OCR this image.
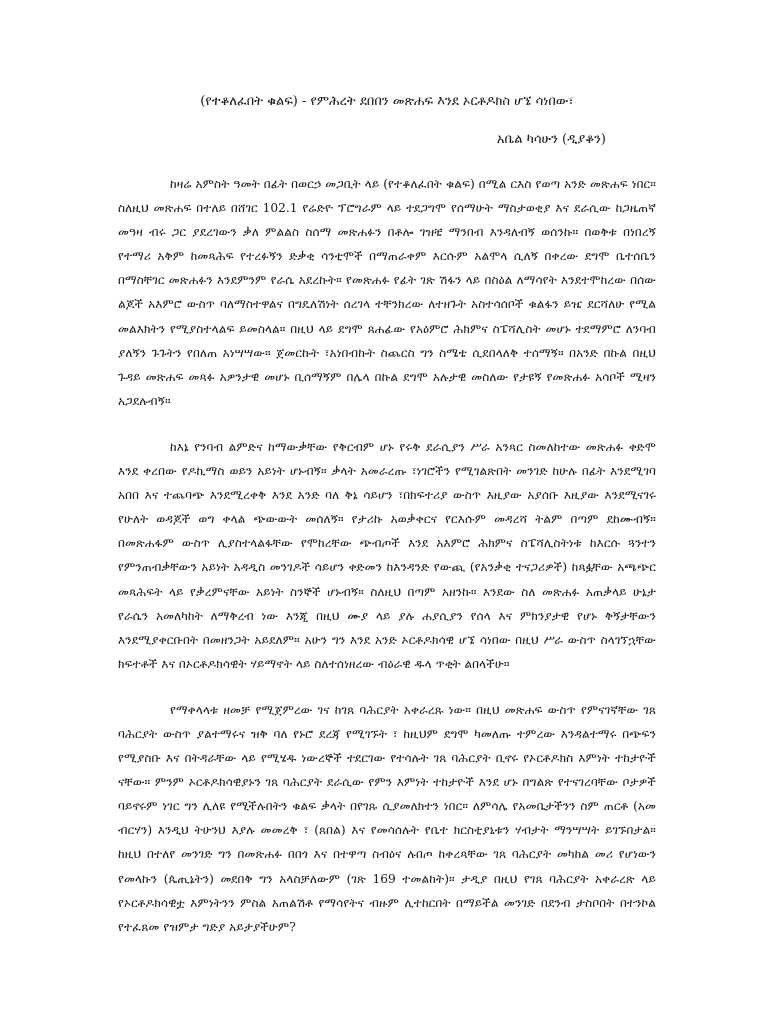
(የተቆለፈበት ቁልፍ) - የምሕረት ደበበን መጽሐፍ እንደ ኦርቶዶክስ ሆኜ ሳነበው፣

አቤል ካሳሁን (ዲያቆን)

ከዛሬ አምስት ዓመት በፊት በወርኃ መጋቢት ላይ (የተቆለፈበት ቁልፍ) በሚል ርእስ የወጣ አንድ መጽሐፍ ነበር። ስለዚህ መጽሐፍ በተለይ በሸገር 102.1 የሬድዮ ፕሮግራም ላይ ተደጋግሞ የሰማሁት ማስታወቂያ እና ደራሲው ከጋዜጠኛ መዓዛ ብሩ ጋር ያደረገውን ቃለ ምልልስ ስሰማ መጽሐፉን በቶሎ ገዝቼ ማንበብ እንዳለብኝ ወሰንኩ። በወቅቱ በነበረኝ የተማሪ አቅም ከመጻሕፍ የተረፉኝን ድቃቂ ሳንቲሞች በማጠራቀም እርሱም አልሞላ ሲለኝ በቀረው ደግሞ ቤተሰቤን በማስቸገር መጽሐፉን እንደምንም የራሴ አደረኩት። የመጽሐፉ የፊት ገጽ ሽፋን ላይ በስዕል ለማሳየት እንደተሞከረው በሰው ልጆች አእምሮ ውስጥ ባለማስተዋልና በግዴለሽነት ሰረገላ ተቸንክረው ለተዘጉት አስተሳሰቦች ቁልፋን ይዤ ደርሻለሁ የሚል መልእክትን የሚያስተላልፍ ይመስላል። በዚህ ላይ ደግሞ ጸሐፊው የአዕምሮ ሕክምና ስፔሻሊስት መሆኑ ተደማምሮ ለንባብ ያለኝን ጉጉትን የበለጠ አነሣሣው። ጀመርኩት ፣አነበብኩት ስጨርስ ግን ስሜቴ ሲደበላለቅ ተሰማኝ። በአንድ በኩል በዚህ ጉዳይ መጽሐፍ መጻፉ አዎንታዊ መሆኑ ቢሰማኝም በሌላ በኩል ደግሞ አሉታዊ መስለው የታዩኝ የመጽሐፉ አሳቦች ሚዛን አጋደሉብኝ።

ከእኔ የንባብ ልምድና ከማውቃቸው የቅርብም ሆኑ የሩቅ ደራሲያን ሥራ አንጻር ስመለከተው መጽሐፉ ቀድሞ እንደ ቀረበው የዶኪማስ ወይን አይነት ሆኑብኝ። ቃላት አመራረጡ ፣ነገሮችን የሚገልጽበት መንገድ ከሁሉ በፊት እንደሚገባ አበበ እና ተጨባጭ እንደሚረቀቅ እንደ አንድ ባለ ቅኔ ሳይሆን ፣በክፍተሪያ ውስጥ እዚያው አያሰቡ እዚያው እንደሚናገሩ የሁለት ወዳጆች ወግ ቀላል ጭውውት መሰለኝ። የታሪኩ አወቃቀርና የርእሱም መዳረሻ ትልም በጣም ደከሙብኝ። በመጽሐፋም ውስጥ ሊያስተላልፋቸው የሞከረቸው ጭብጦች እንደ አእምሮ ሕክምና ስፔሻሊስትነቱ ከእርሱ ጓንተን የምንጠብቃቸውን አይነት አዳዲስ መንገዶች ሳይሆን ቀድመን ከእንዳንድ የውጪ (የአንቃቂ ተናጋሪዎች) ከጻፏቸው አጫጭር መጻሕፍት ላይ የቃረምናቸው አይነት ስንኞች ሆኑብኝ። ስለዚህ በጣም አዘንኩ። እንደው ስለ መጽሐፉ አጠቃላይ ሁኔታ የራሴን አመለካከት ለማቅረብ ነው እንጂ በዚህ ሙያ ላይ ያሉ ሐያሲያን የሰላ እና ምክንያታዊ የሆኑ ቅኝታቸውን እንደሚያቀርቡበት በመዘንጋት አይደለም። አሁን ግን እንደ አንድ ኦርቶዶክሳዊ ሆኜ ሳነበው በዚህ ሥራ ውስጥ ስላገኘኋቸው ክፍተቶች እና በኦርቶዶክሳዊት ሃይማኖት ላይ ስለተሰነዘረው ብዕራዊ ዱላ ጥቂት ልበላችሁ።

የማቀላላቱ ዘመቻ የሚጀምረው ገና ከገጸ ባሕርያት አቀራረጹ ነው። በዚህ መጽሐፍ ውስጥ የምናገኛቸው ገጸ ባሕርያት ውስጥ ያልተማሩና ዝቅ ባለ የኑሮ ደረጃ የሚገኙት ፣ ከዚህም ደግሞ ካመለጡ ተምረው እንዳልተማሩ በጭፍን የሚያስቡ እና በትዳራቸው ላይ የሚሄዱ ነውረኞች ተደርገው የተሳሉት ገጸ ባሕርያት ቢኖሩ የኦርቶዶክስ እምነት ተከታዮች ናቸው። ምንም ኦርቶዶክሳዊያኑን ገጸ ባሕርያት ደራሲው የምን እምነት ተከታዮች እንደ ሆኑ በግልጽ የተናገረባቸው ቦታዎች ባይኖሩም ነገር ግን ሊለዩ የሚችሉበትን ቁልፍ ቃላት በየገጹ ሲያመለክተን ነበር። ለምሳሌ የአመቤታችንን ስም ጠርቶ (አመ ብርሃን) እንዲህ ትሁንህ እያሉ መመረቅ ፣ (ጸበል) እና የመሳሰሉት የቤተ ክርስቲያኒቱን ሃብታት ማንሣሣት ይገኙበታል። ከዚህ በተለየ መንገድ ግን በመጽሐፉ በበጎ እና በተዋጣ ስብዕና ሉበጦ ከቀረጻቸው ገጸ ባሕርያት መካከል መሪ የሆነውን የመላኩን (ጴጢኔትን) መደበቅ ግን አላስቻለውም (ገጽ 169 ተመልከት)። ታዲያ በዚህ የገጸ ባሕርያት አቀራረጽ ላይ የኦርቶዶክሳዊቷ እምነትንን ምስል አጠልሽቶ የማሳየትና ብዙም ሊተከርበት በማይችል መንገድ በደንብ ታስቦበት በተንኮል የተፈጸመ የዝምታ ግድያ አይታያችሁም?
